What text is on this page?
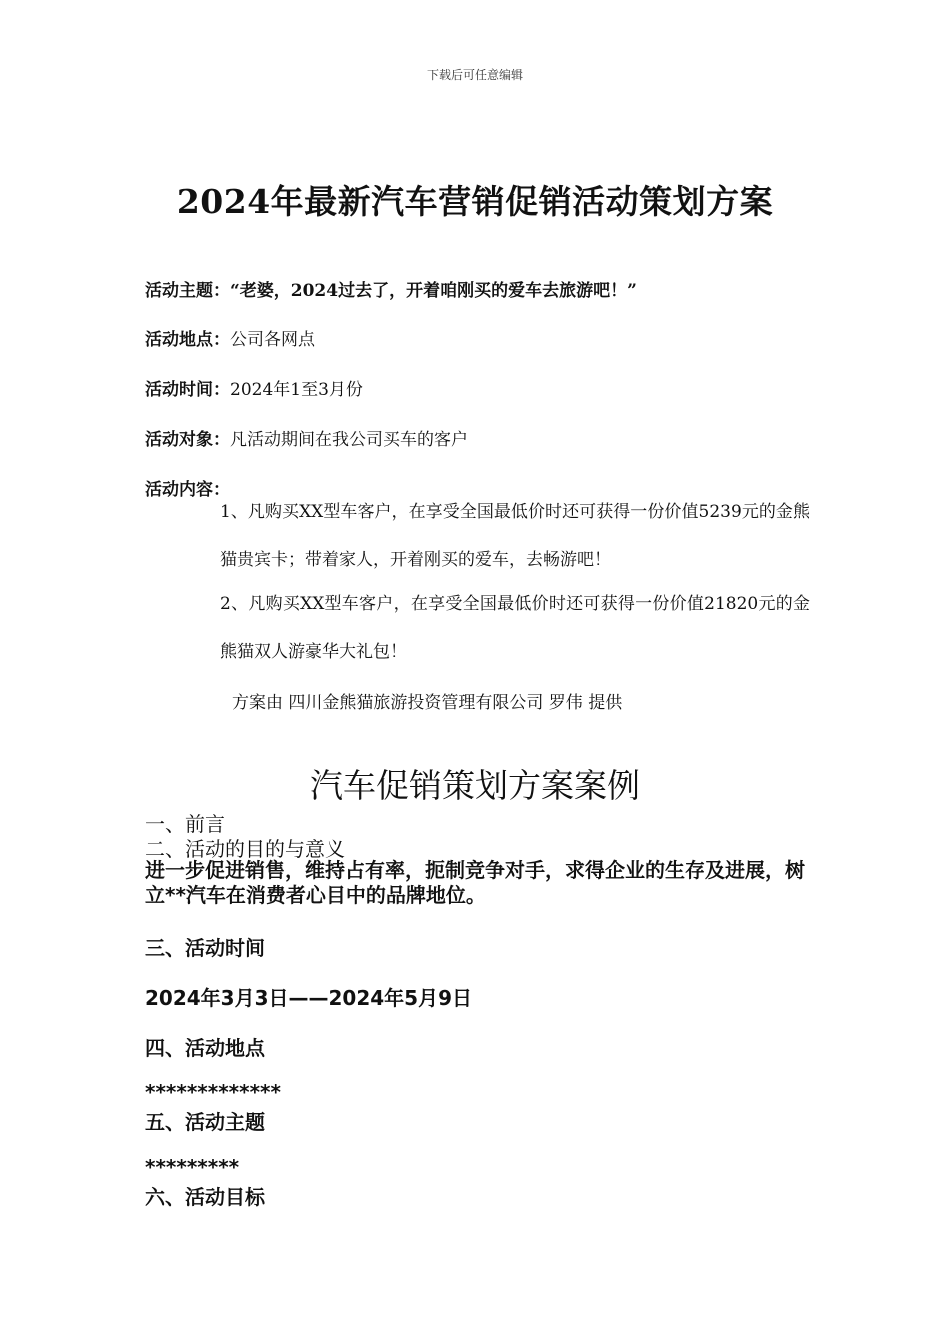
下载后可任意编辑
2024年最新汽车营销促销活动策划方案
活动主题：“老婆，2024过去了，开着咱刚买的爱车去旅游吧！”
活动地点：公司各网点
活动时间：2024年1至3月份
活动对象：凡活动期间在我公司买车的客户
活动内容：
1、凡购买XX型车客户，在享受全国最低价时还可获得一份价值5239元的金熊猫贵宾卡；带着家人，开着刚买的爱车，去畅游吧！
2、凡购买XX型车客户，在享受全国最低价时还可获得一份价值21820元的金熊猫双人游豪华大礼包！
方案由 四川金熊猫旅游投资管理有限公司 罗伟 提供
汽车促销策划方案案例
一、前言
二、活动的目的与意义
进一步促进销售，维持占有率，扼制竞争对手，求得企业的生存及进展，树立**汽车在消费者心目中的品牌地位。
三、活动时间
2024年3月3日——2024年5月9日
四、活动地点
*************
五、活动主题
*********
六、活动目标
